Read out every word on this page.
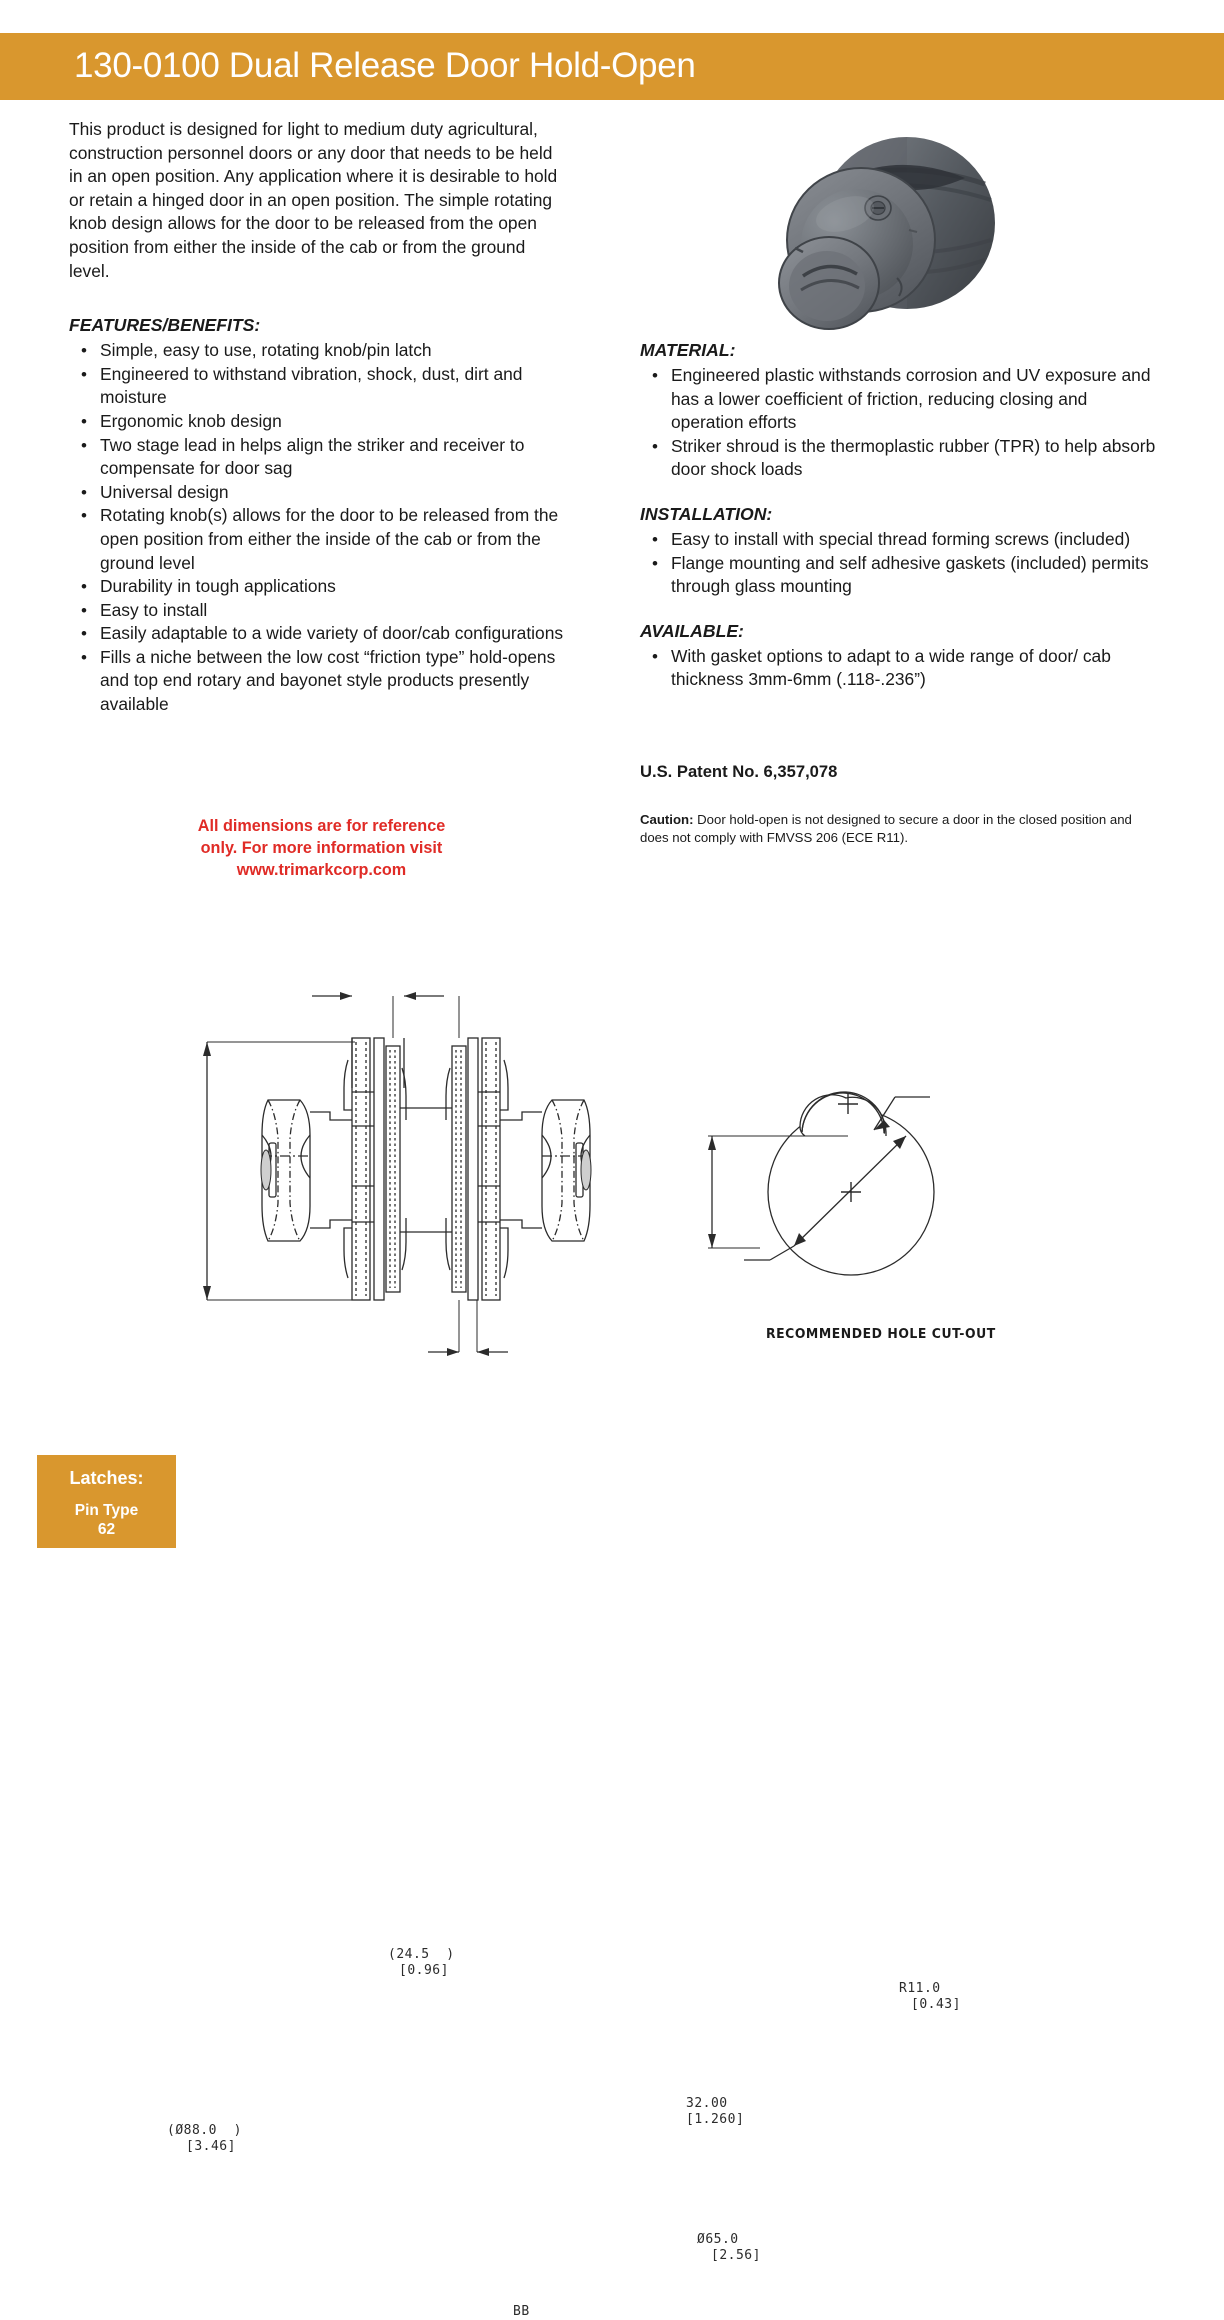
130-0100 Dual Release Door Hold-Open

This product is designed for light to medium duty agricultural, construction personnel doors or any door that needs to be held in an open position. Any application where it is desirable to hold or retain a hinged door in an open position. The simple rotating knob design allows for the door to be released from the open position from either the inside of the cab or from the ground level.

FEATURES/BENEFITS:
• Simple, easy to use, rotating knob/pin latch
• Engineered to withstand vibration, shock, dust, dirt and moisture
• Ergonomic knob design
• Two stage lead in helps align the striker and receiver to compensate for door sag
• Universal design
• Rotating knob(s) allows for the door to be released from the open position from either the inside of the cab or from the ground level
• Durability in tough applications
• Easy to install
• Easily adaptable to a wide variety of door/cab configurations
• Fills a niche between the low cost “friction type” hold-opens and top end rotary and bayonet style products presently available
MATERIAL:
• Engineered plastic withstands corrosion and UV exposure and has a lower coefficient of friction, reducing closing and operation efforts
• Striker shroud is the thermoplastic rubber (TPR) to help absorb door shock loads
INSTALLATION:
• Easy to install with special thread forming screws (included)
• Flange mounting and self adhesive gaskets (included) permits through glass mounting
AVAILABLE:
• With gasket options to adapt to a wide range of door/ cab thickness 3mm-6mm (.118-.236”)
U.S. Patent No. 6,357,078
Caution: Door hold-open is not designed to secure a door in the closed position and does not comply with FMVSS 206 (ECE R11).
All dimensions are for reference
only. For more information visit
www.trimarkcorp.com
(24.5  )
[0.96]
(Ø88.0  )
[3.46]
BB
R11.0
[0.43]
32.00
[1.260]
Ø65.0
[2.56]
RECOMMENDED HOLE CUT-OUT
Latches:
Pin Type
62
